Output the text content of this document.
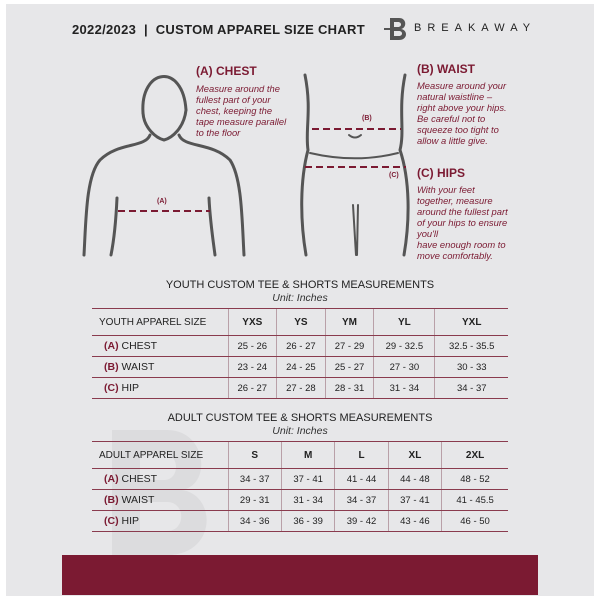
2022/2023  |  CUSTOM APPAREL SIZE CHART	BREAKAWAY
(A)
(B)
(C)
(A) CHEST
Measure around the
fullest part of your
chest, keeping the
tape measure parallel
to the floor
(B) WAIST
Measure around your
natural waistline –
right above your hips.
Be careful not to
squeeze too tight to
allow a little give.
(C) HIPS
With your feet
together, measure
around the fullest part
of your hips to ensure
you'll
have enough room to
move comfortably.
YOUTH CUSTOM TEE & SHORTS MEASUREMENTS
Unit: Inches
YOUTH APPAREL SIZE	YXS	YS	YM	YL	YXL
(A) CHEST	25 - 26	26 - 27	27 - 29	29 - 32.5	32.5 - 35.5
(B) WAIST	23 - 24	24 - 25	25 - 27	27 - 30	30 - 33
(C) HIP	26 - 27	27 - 28	28 - 31	31 - 34	34 - 37
ADULT CUSTOM TEE & SHORTS MEASUREMENTS
Unit: Inches
ADULT APPAREL SIZE	S	M	L	XL	2XL
(A) CHEST	34 - 37	37 - 41	41 - 44	44 - 48	48 - 52
(B) WAIST	29 - 31	31 - 34	34 - 37	37 - 41	41 - 45.5
(C) HIP	34 - 36	36 - 39	39 - 42	43 - 46	46 - 50
